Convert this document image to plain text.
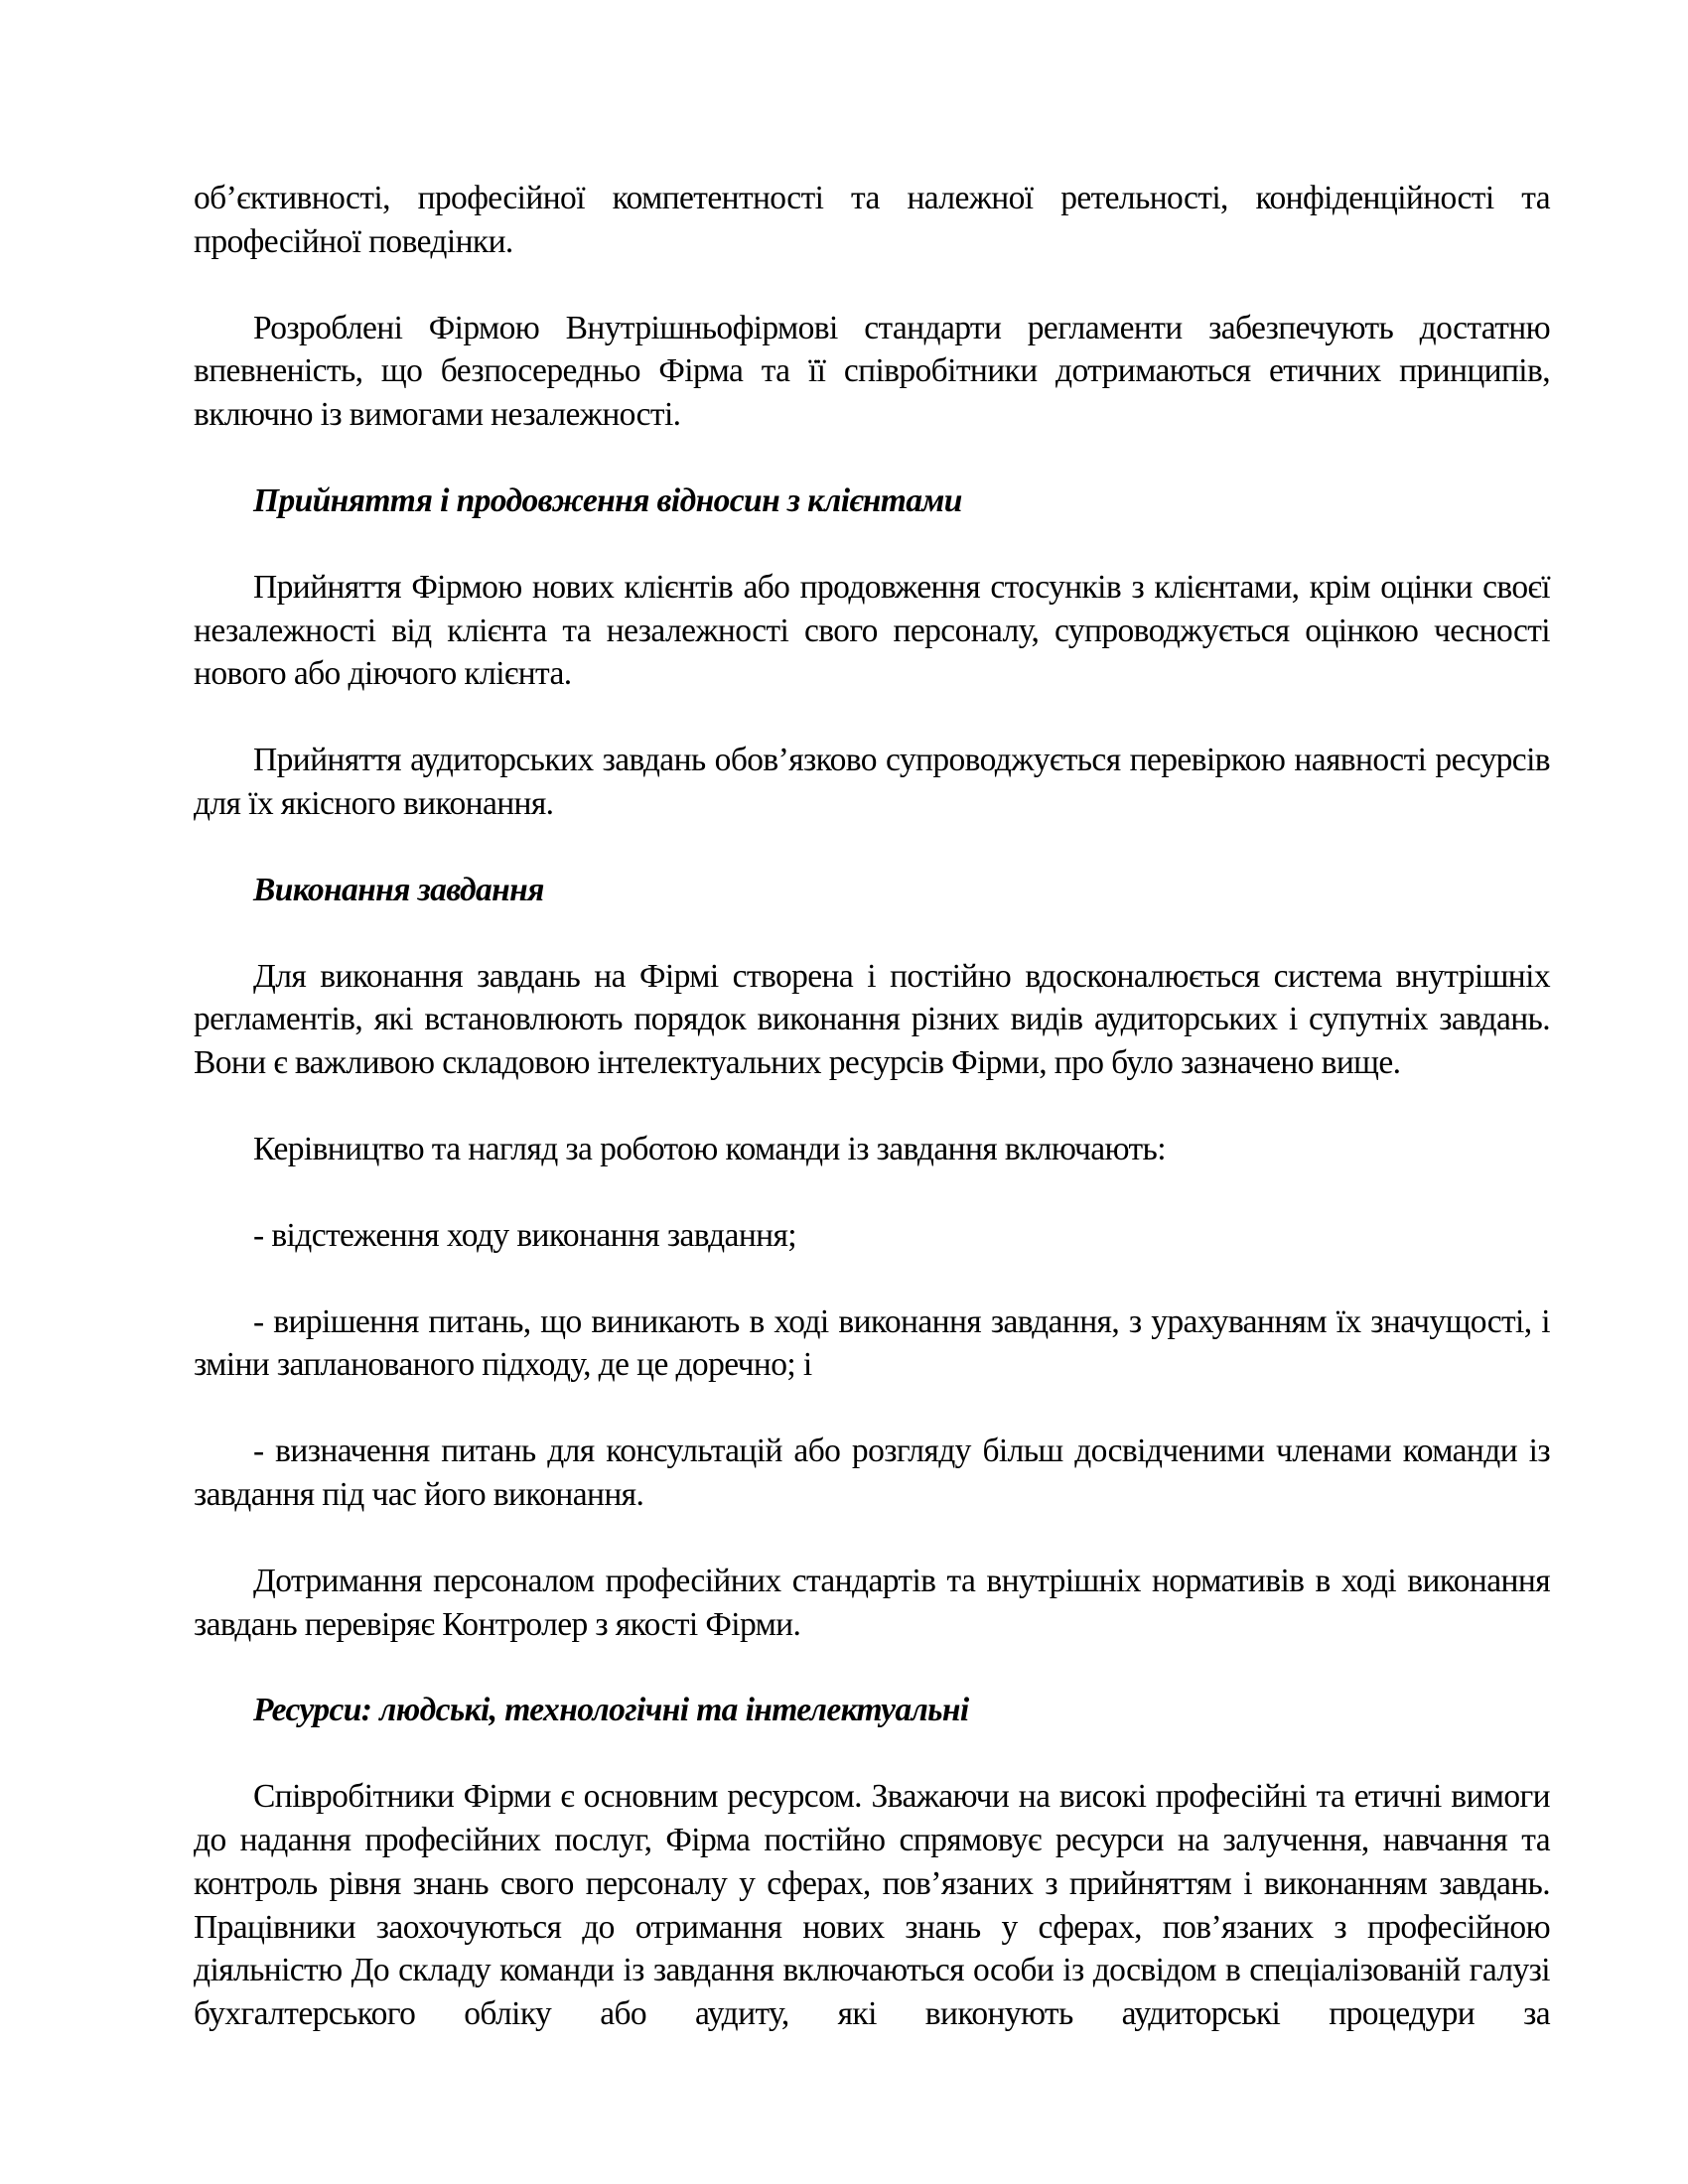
об’єктивності, професійної компетентності та належної ретельності, конфіденційності та професійної поведінки.

Розроблені Фірмою Внутрішньофірмові стандарти регламенти забезпечують достатню впевненість, що безпосередньо Фірма та її співробітники дотримаються етичних принципів, включно із вимогами незалежності.

Прийняття і продовження відносин з клієнтами

Прийняття Фірмою нових клієнтів або продовження стосунків з клієнтами, крім оцінки своєї незалежності від клієнта та незалежності свого персоналу, супроводжується оцінкою чесності нового або діючого клієнта.

Прийняття аудиторських завдань обов’язково супроводжується перевіркою наявності ресурсів для їх якісного виконання.

Виконання завдання

Для виконання завдань на Фірмі створена і постійно вдосконалюється система внутрішніх регламентів, які встановлюють порядок виконання різних видів аудиторських і супутніх завдань. Вони є важливою складовою інтелектуальних ресурсів Фірми, про було зазначено вище.

Керівництво та нагляд за роботою команди із завдання включають:

- відстеження ходу виконання завдання;

- вирішення питань, що виникають в ході виконання завдання, з урахуванням їх значущості, і зміни запланованого підходу, де це доречно; і

- визначення питань для консультацій або розгляду більш досвідченими членами команди із завдання під час його виконання.

Дотримання персоналом професійних стандартів та внутрішніх нормативів в ході виконання завдань перевіряє Контролер з якості Фірми.

Ресурси: людські, технологічні та інтелектуальні

Співробітники Фірми є основним ресурсом. Зважаючи на високі професійні та етичні вимоги до надання професійних послуг, Фірма постійно спрямовує ресурси на залучення, навчання та контроль рівня знань свого персоналу у сферах, пов’язаних з прийняттям і виконанням завдань. Працівники заохочуються до отримання нових знань у сферах, пов’язаних з професійною діяльністю До складу команди із завдання включаються особи із досвідом в спеціалізованій галузі бухгалтерського обліку або аудиту, які виконують аудиторські процедури за
